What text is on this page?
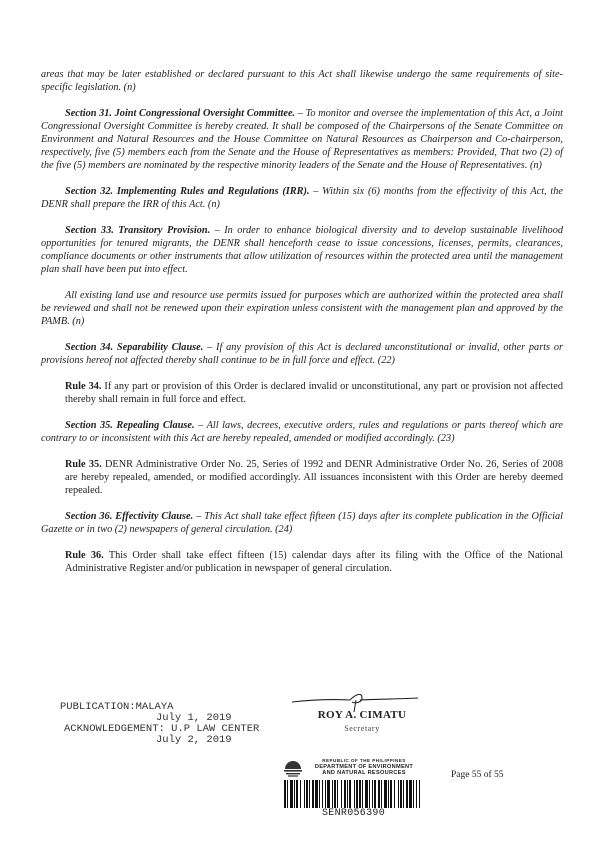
areas that may be later established or declared pursuant to this Act shall likewise undergo the same requirements of site-specific legislation. (n)

Section 31. Joint Congressional Oversight Committee. – To monitor and oversee the implementation of this Act, a Joint Congressional Oversight Committee is hereby created. It shall be composed of the Chairpersons of the Senate Committee on Environment and Natural Resources and the House Committee on Natural Resources as Chairperson and Co-chairperson, respectively, five (5) members each from the Senate and the House of Representatives as members: Provided, That two (2) of the five (5) members are nominated by the respective minority leaders of the Senate and the House of Representatives. (n)

Section 32. Implementing Rules and Regulations (IRR). – Within six (6) months from the effectivity of this Act, the DENR shall prepare the IRR of this Act. (n)

Section 33. Transitory Provision. – In order to enhance biological diversity and to develop sustainable livelihood opportunities for tenured migrants, the DENR shall henceforth cease to issue concessions, licenses, permits, clearances, compliance documents or other instruments that allow utilization of resources within the protected area until the management plan shall have been put into effect.

All existing land use and resource use permits issued for purposes which are authorized within the protected area shall be reviewed and shall not be renewed upon their expiration unless consistent with the management plan and approved by the PAMB. (n)

Section 34. Separability Clause. – If any provision of this Act is declared unconstitutional or invalid, other parts or provisions hereof not affected thereby shall continue to be in full force and effect. (22)

Rule 34. If any part or provision of this Order is declared invalid or unconstitutional, any part or provision not affected thereby shall remain in full force and effect.

Section 35. Repealing Clause. – All laws, decrees, executive orders, rules and regulations or parts thereof which are contrary to or inconsistent with this Act are hereby repealed, amended or modified accordingly. (23)

Rule 35. DENR Administrative Order No. 25, Series of 1992 and DENR Administrative Order No. 26, Series of 2008 are hereby repealed, amended, or modified accordingly. All issuances inconsistent with this Order are hereby deemed repealed.

Section 36. Effectivity Clause. – This Act shall take effect fifteen (15) days after its complete publication in the Official Gazette or in two (2) newspapers of general circulation. (24)

Rule 36. This Order shall take effect fifteen (15) calendar days after its filing with the Office of the National Administrative Register and/or publication in newspaper of general circulation.

PUBLICATION:MALAYA
July 1, 2019
ACKNOWLEDGEMENT: U.P LAW CENTER
July 2, 2019
ROY A. CIMATU
Secretary
REPUBLIC OF THE PHILIPPINES
DEPARTMENT OF ENVIRONMENT
AND NATURAL RESOURCES
SENR056390
Page 55 of 55
